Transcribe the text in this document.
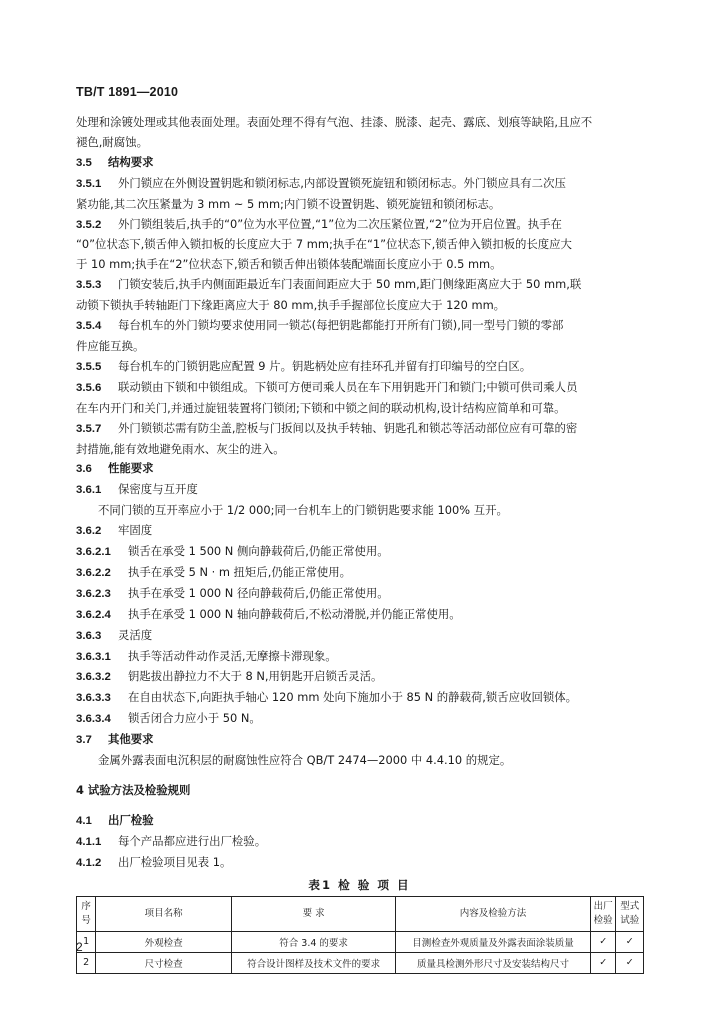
TB/T 1891—2010
处理和涂镀处理或其他表面处理。表面处理不得有气泡、挂漆、脱漆、起壳、露底、划痕等缺陷,且应不
褪色,耐腐蚀。
3.5 结构要求
3.5.1 外门锁应在外侧设置钥匙和锁闭标志,内部设置锁死旋钮和锁闭标志。外门锁应具有二次压
紧功能,其二次压紧量为 3 mm ~ 5 mm;内门锁不设置钥匙、锁死旋钮和锁闭标志。
3.5.2 外门锁组装后,执手的“0”位为水平位置,“1”位为二次压紧位置,“2”位为开启位置。执手在
“0”位状态下,锁舌伸入锁扣板的长度应大于 7 mm;执手在“1”位状态下,锁舌伸入锁扣板的长度应大
于 10 mm;执手在“2”位状态下,锁舌和锁舌伸出锁体装配端面长度应小于 0.5 mm。
3.5.3 门锁安装后,执手内侧面距最近车门表面间距应大于 50 mm,距门侧缘距离应大于 50 mm,联
动锁下锁执手转轴距门下缘距离应大于 80 mm,执手手握部位长度应大于 120 mm。
3.5.4 每台机车的外门锁均要求使用同一锁芯(每把钥匙都能打开所有门锁),同一型号门锁的零部
件应能互换。
3.5.5 每台机车的门锁钥匙应配置 9 片。钥匙柄处应有挂环孔并留有打印编号的空白区。
3.5.6 联动锁由下锁和中锁组成。下锁可方便司乘人员在车下用钥匙开门和锁门;中锁可供司乘人员
在车内开门和关门,并通过旋钮装置将门锁闭;下锁和中锁之间的联动机构,设计结构应简单和可靠。
3.5.7 外门锁锁芯需有防尘盖,腔板与门扳间以及执手转轴、钥匙孔和锁芯等活动部位应有可靠的密
封措施,能有效地避免雨水、灰尘的进入。
3.6 性能要求
3.6.1 保密度与互开度
不同门锁的互开率应小于 1/2 000;同一台机车上的门锁钥匙要求能 100% 互开。
3.6.2 牢固度
3.6.2.1 锁舌在承受 1 500 N 侧向静载荷后,仍能正常使用。
3.6.2.2 执手在承受 5 N · m 扭矩后,仍能正常使用。
3.6.2.3 执手在承受 1 000 N 径向静载荷后,仍能正常使用。
3.6.2.4 执手在承受 1 000 N 轴向静载荷后,不松动滑脱,并仍能正常使用。
3.6.3 灵活度
3.6.3.1 执手等活动件动作灵活,无摩擦卡滞现象。
3.6.3.2 钥匙拔出静拉力不大于 8 N,用钥匙开启锁舌灵活。
3.6.3.3 在自由状态下,向距执手轴心 120 mm 处向下施加小于 85 N 的静载荷,锁舌应收回锁体。
3.6.3.4 锁舌闭合力应小于 50 N。
3.7 其他要求
金属外露表面电沉积层的耐腐蚀性应符合 QB/T 2474—2000 中 4.4.10 的规定。
4 试验方法及检验规则
4.1 出厂检验
4.1.1 每个产品都应进行出厂检验。
4.1.2 出厂检验项目见表 1。
表1 检 验 项 目
序号	项目名称	要 求	内容及检验方法	出厂检验	型式试验
1	外观检查	符合 3.4 的要求	目测检查外观质量及外露表面涂装质量	✓	✓
2	尺寸检查	符合设计图样及技术文件的要求	质量具检测外形尺寸及安装结构尺寸	✓	✓
2
